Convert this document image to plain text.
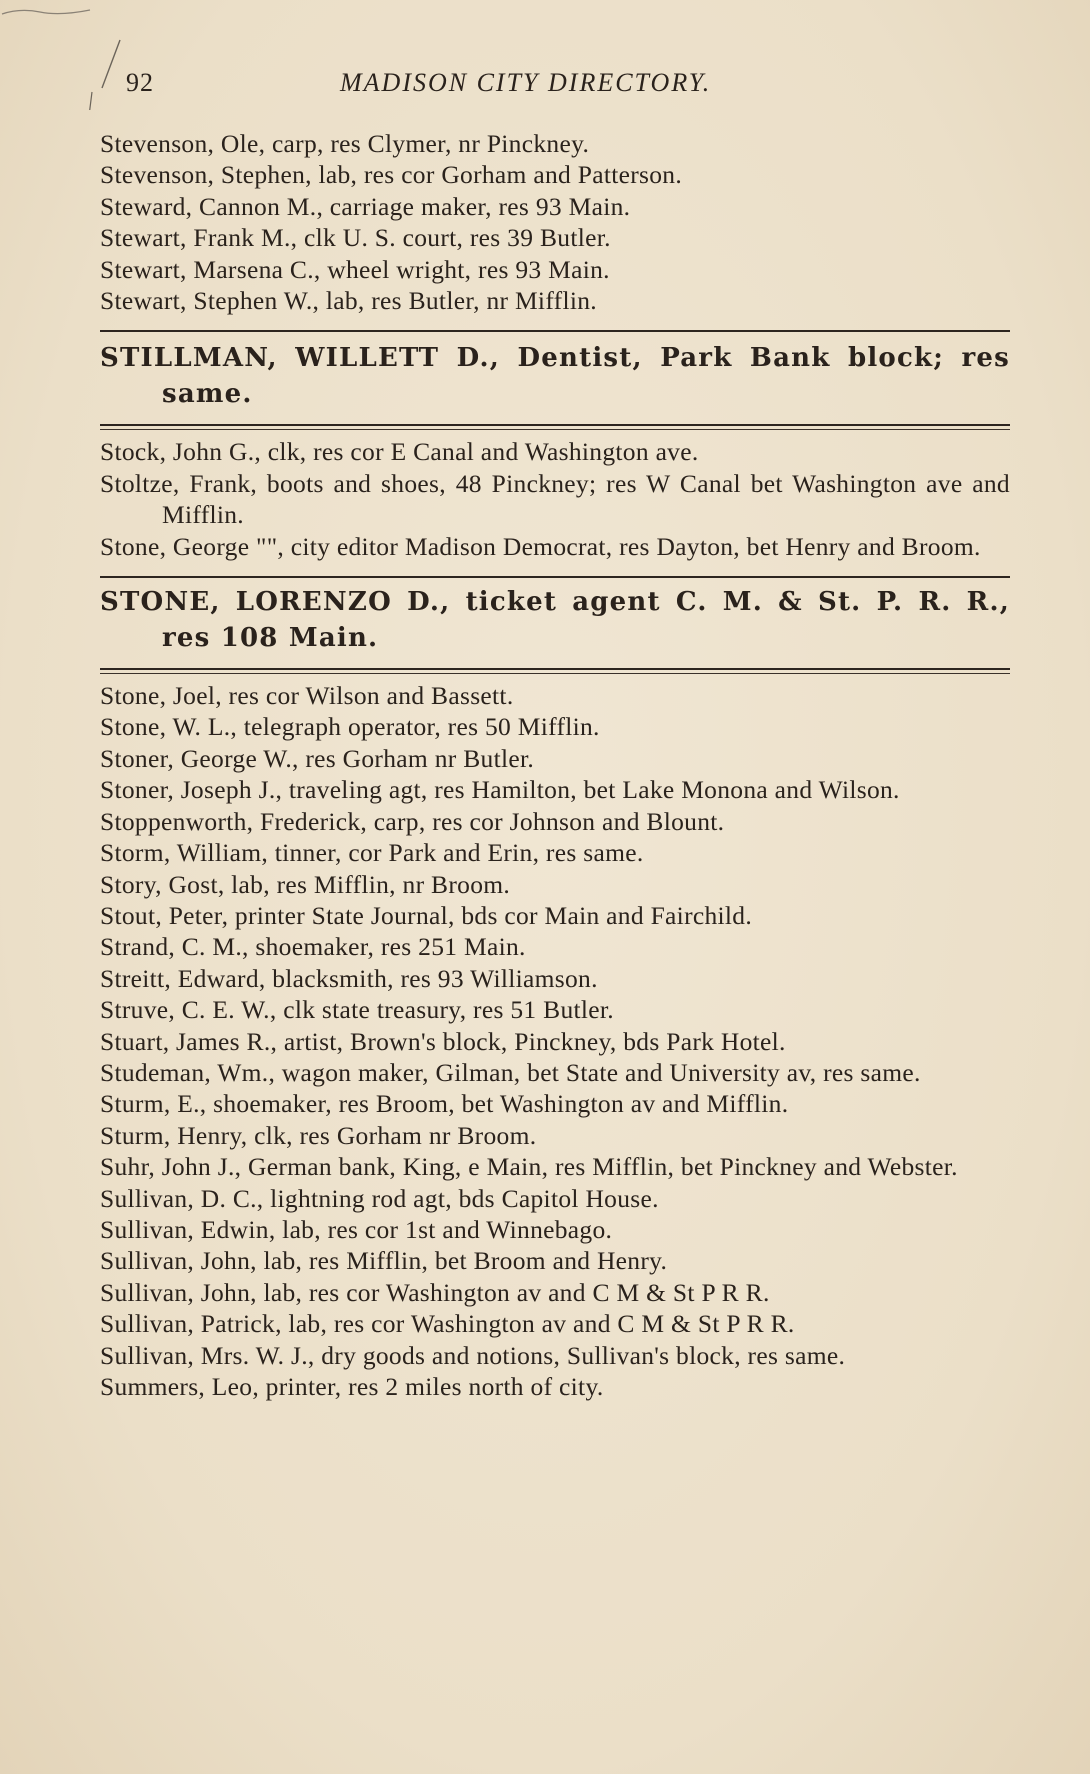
92	MADISON CITY DIRECTORY.

Stevenson, Ole, carp, res Clymer, nr Pinckney.

Stevenson, Stephen, lab, res cor Gorham and Patterson.

Steward, Cannon M., carriage maker, res 93 Main.

Stewart, Frank M., clk U. S. court, res 39 Butler.

Stewart, Marsena C., wheel wright, res 93 Main.

Stewart, Stephen W., lab, res Butler, nr Mifflin.

STILLMAN, WILLETT D., Dentist, Park Bank block; res same.

Stock, John G., clk, res cor E Canal and Washington ave.

Stoltze, Frank, boots and shoes, 48 Pinckney; res W Canal bet Washington ave and Mifflin.

Stone, George "", city editor Madison Democrat, res Dayton, bet Henry and Broom.

STONE, LORENZO D., ticket agent C. M. & St. P. R. R., res 108 Main.

Stone, Joel, res cor Wilson and Bassett.

Stone, W. L., telegraph operator, res 50 Mifflin.

Stoner, George W., res Gorham nr Butler.

Stoner, Joseph J., traveling agt, res Hamilton, bet Lake Monona and Wilson.

Stoppenworth, Frederick, carp, res cor Johnson and Blount.

Storm, William, tinner, cor Park and Erin, res same.

Story, Gost, lab, res Mifflin, nr Broom.

Stout, Peter, printer State Journal, bds cor Main and Fairchild.

Strand, C. M., shoemaker, res 251 Main.

Streitt, Edward, blacksmith, res 93 Williamson.

Struve, C. E. W., clk state treasury, res 51 Butler.

Stuart, James R., artist, Brown's block, Pinckney, bds Park Hotel.

Studeman, Wm., wagon maker, Gilman, bet State and University av, res same.

Sturm, E., shoemaker, res Broom, bet Washington av and Mifflin.

Sturm, Henry, clk, res Gorham nr Broom.

Suhr, John J., German bank, King, e Main, res Mifflin, bet Pinckney and Webster.

Sullivan, D. C., lightning rod agt, bds Capitol House.

Sullivan, Edwin, lab, res cor 1st and Winnebago.

Sullivan, John, lab, res Mifflin, bet Broom and Henry.

Sullivan, John, lab, res cor Washington av and C M & St P R R.

Sullivan, Patrick, lab, res cor Washington av and C M & St P R R.

Sullivan, Mrs. W. J., dry goods and notions, Sullivan's block, res same.

Summers, Leo, printer, res 2 miles north of city.
